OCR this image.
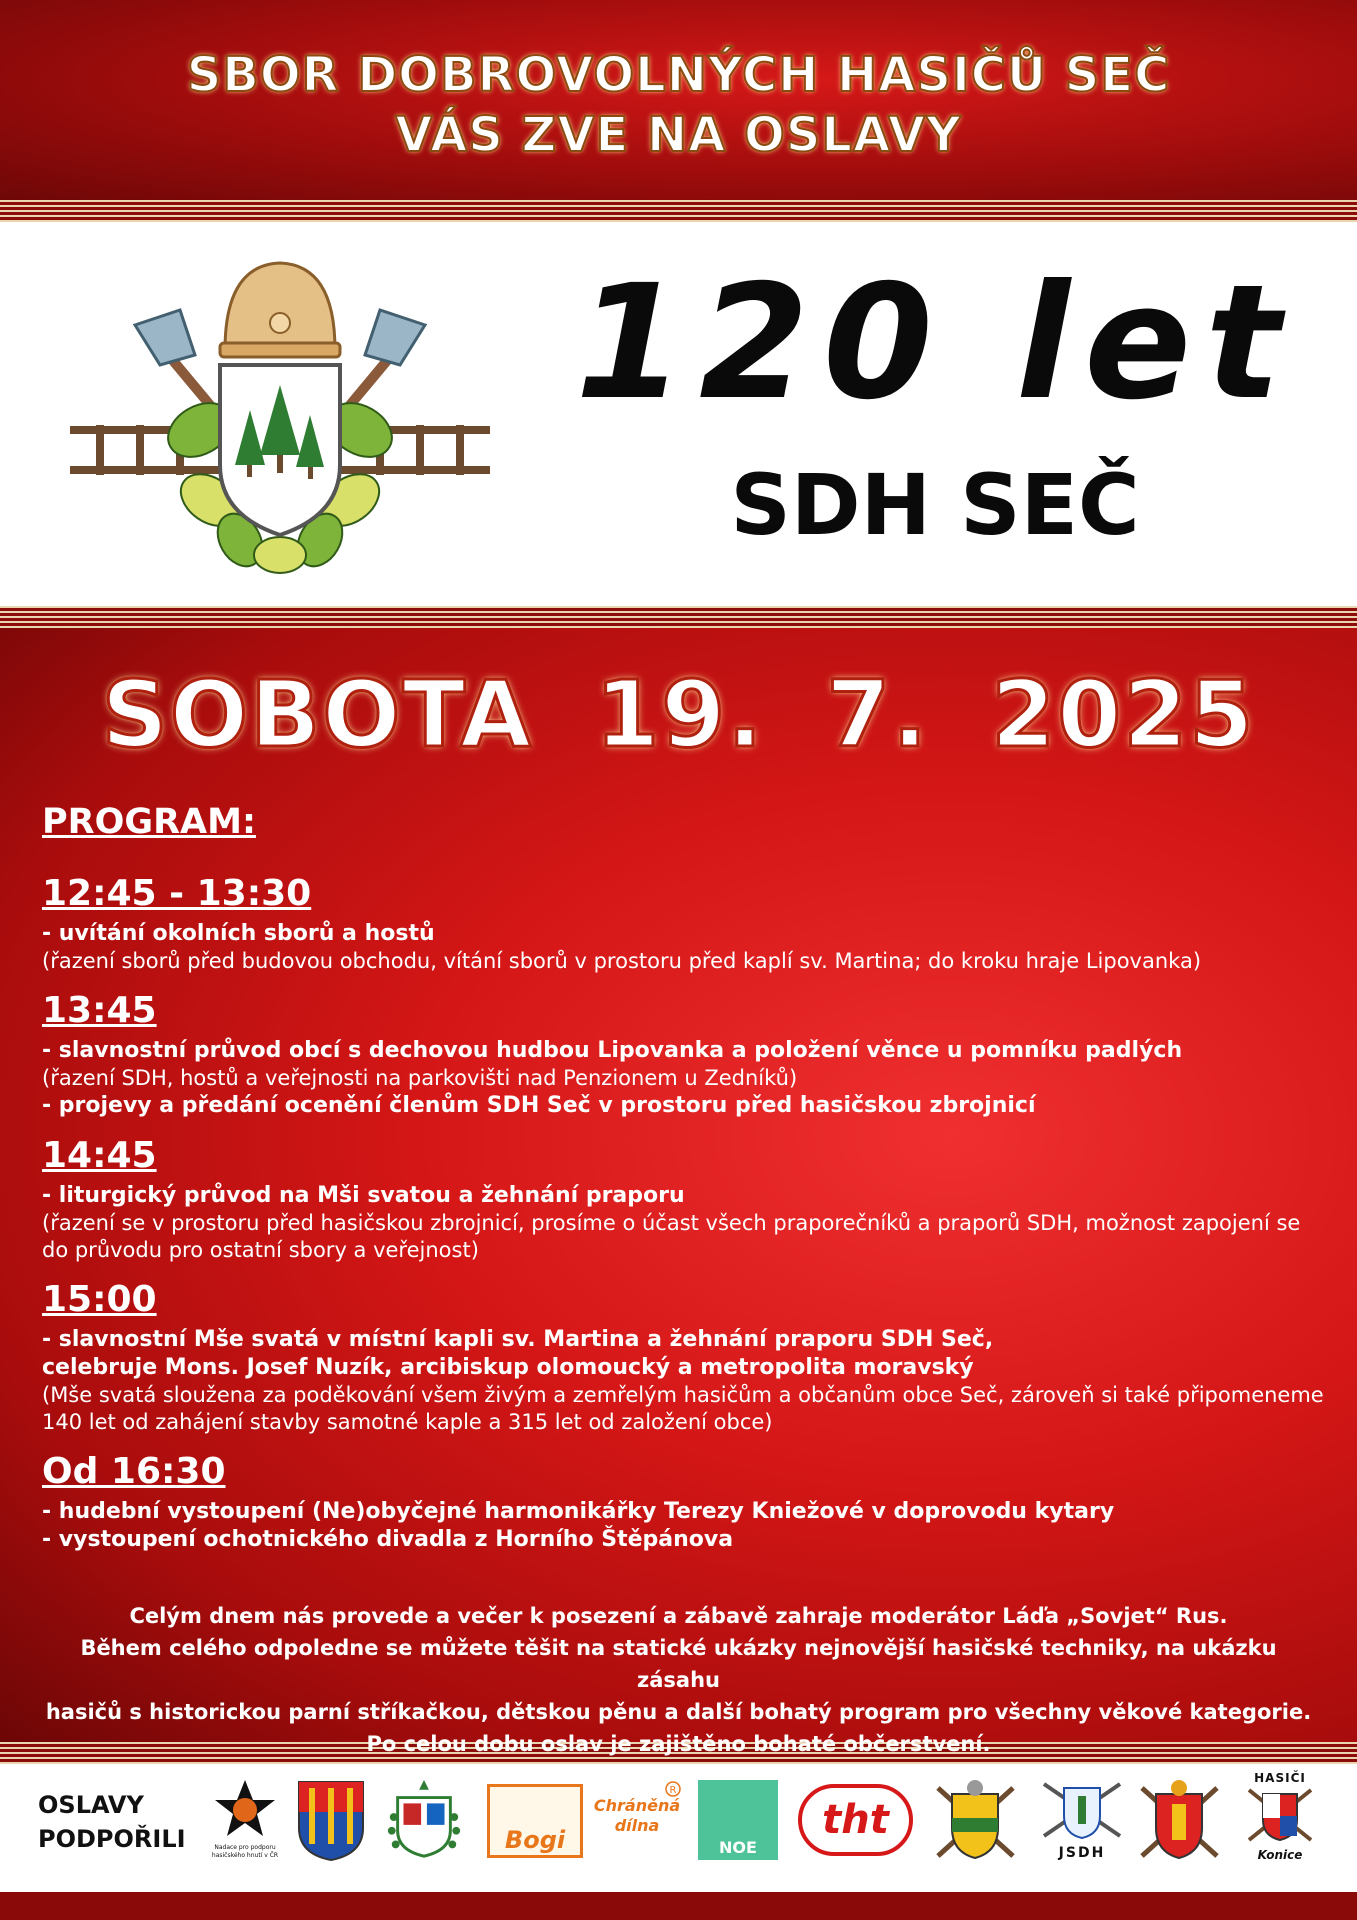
SBOR DOBROVOLNÝCH HASIČŮ SEČ
VÁS ZVE NA OSLAVY
120 let
SDH SEČ
SOBOTA 19. 7. 2025

PROGRAM:

12:45 - 13:30

- uvítání okolních sborů a hostů

(řazení sborů před budovou obchodu, vítání sborů v prostoru před kaplí sv. Martina; do kroku hraje Lipovanka)

13:45

- slavnostní průvod obcí s dechovou hudbou Lipovanka a položení věnce u pomníku padlých

(řazení SDH, hostů a veřejnosti na parkovišti nad Penzionem u Zedníků)

- projevy a předání ocenění členům SDH Seč v prostoru před hasičskou zbrojnicí

14:45

- liturgický průvod na Mši svatou a žehnání praporu

(řazení se v prostoru před hasičskou zbrojnicí, prosíme o účast všech praporečníků a praporů SDH, možnost zapojení se do průvodu pro ostatní sbory a veřejnost)

15:00

- slavnostní Mše svatá v místní kapli sv. Martina a žehnání praporu SDH Seč,

celebruje Mons. Josef Nuzík, arcibiskup olomoucký a metropolita moravský

(Mše svatá sloužena za poděkování všem živým a zemřelým hasičům a občanům obce Seč, zároveň si také připomeneme 140 let od zahájení stavby samotné kaple a 315 let od založení obce)

Od 16:30

- hudební vystoupení (Ne)obyčejné harmonikářky Terezy Kniežové v doprovodu kytary

- vystoupení ochotnického divadla z Horního Štěpánova

Celým dnem nás provede a večer k posezení a zábavě zahraje moderátor Láďa „Sovjet“ Rus.

Během celého odpoledne se můžete těšit na statické ukázky nejnovější hasičské techniky, na ukázku zásahu

hasičů s historickou parní stříkačkou, dětskou pěnu a další bohatý program pro všechny věkové kategorie.

Po celou dobu oslav je zajištěno bohaté občerstvení.

OSLAVY
PODPOŘILI	Nadace pro podporu hasičského hnutí v ČR
Bogi
Chráněná
dílna
NOE
tht
JSDH
HASIČI
Konice
R
